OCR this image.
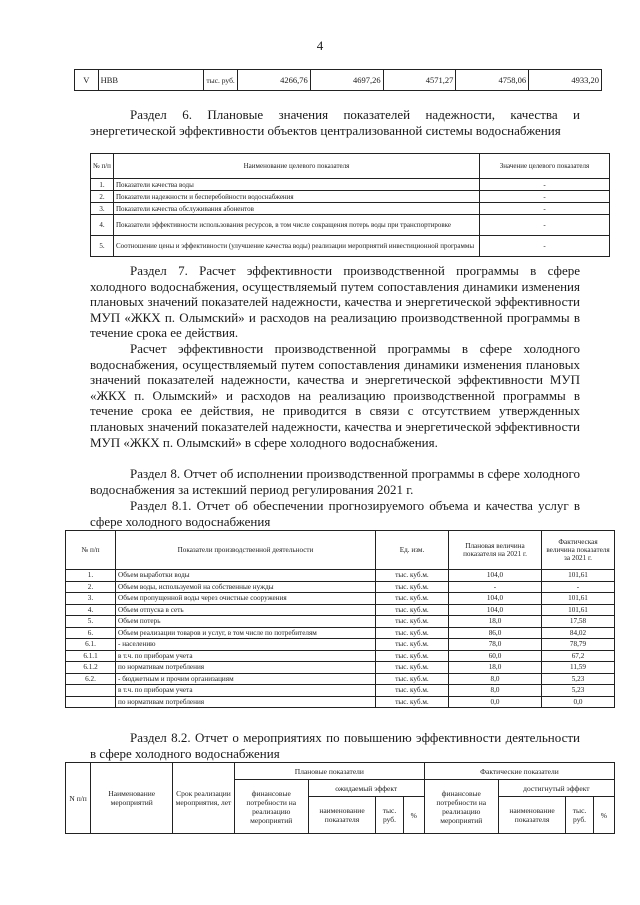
4
V	НВВ	тыс. руб.	4266,76	4697,26	4571,27	4758,06	4933,20

Раздел 6. Плановые значения показателей надежности, качества и энергетической эффективности объектов централизованной системы водоснабжения

№ п/п	Наименование целевого показателя	Значение целевого показателя
1.	Показатели качества воды	-
2.	Показатели надежности и бесперебойности водоснабжения	-
3.	Показатели качества обслуживания абонентов	-
4.	Показатели эффективности использования ресурсов, в том числе сокращения потерь воды при транспортировке	-
5.	Соотношение цены и эффективности (улучшение качества воды) реализации мероприятий инвестиционной программы	-

Раздел 7. Расчет эффективности производственной программы в сфере холодного водоснабжения, осуществляемый путем сопоставления динамики изменения плановых значений показателей надежности, качества и энергетической эффективности МУП «ЖКХ п. Олымский» и расходов на реализацию производственной программы в течение срока ее действия.

Расчет эффективности производственной программы в сфере холодного водоснабжения, осуществляемый путем сопоставления динамики изменения плановых значений показателей надежности, качества и энергетической эффективности МУП «ЖКХ п. Олымский» и расходов на реализацию производственной программы в течение срока ее действия, не приводится в связи с отсутствием утвержденных плановых значений показателей надежности, качества и энергетической эффективности МУП «ЖКХ п. Олымский» в сфере холодного водоснабжения.

Раздел 8. Отчет об исполнении производственной программы в сфере холодного водоснабжения за истекший период регулирования 2021 г.

Раздел 8.1. Отчет об обеспечении прогнозируемого объема и качества услуг в сфере холодного водоснабжения

№ п/п	Показатели производственной деятельности	Ед. изм.	Плановая величина показателя на 2021 г.	Фактическая величина показателя за 2021 г.
1.	Объем выработки воды	тыс. куб.м.	104,0	101,61
2.	Объем воды, используемой на собственные нужды	тыс. куб.м.	-	-
3.	Объем пропущенной воды через очистные сооружения	тыс. куб.м.	104,0	101,61
4.	Объем отпуска в сеть	тыс. куб.м.	104,0	101,61
5.	Объем потерь	тыс. куб.м.	18,0	17,58
6.	Объем реализации товаров и услуг, в том числе по потребителям	тыс. куб.м.	86,0	84,02
6.1.	- населению	тыс. куб.м.	78,0	78,79
6.1.1	в т.ч. по приборам учета	тыс. куб.м.	60,0	67,2
6.1.2	по нормативам потребления	тыс. куб.м.	18,0	11,59
6.2.	- бюджетным и прочим организациям	тыс. куб.м.	8,0	5,23
	в т.ч. по приборам учета	тыс. куб.м.	8,0	5,23
	по нормативам потребления	тыс. куб.м.	0,0	0,0

Раздел 8.2. Отчет о мероприятиях по повышению эффективности деятельности в сфере холодного водоснабжения

N п/п	Наименование мероприятий	Срок реализации мероприятия, лет	Плановые показатели				Фактические показатели			
			финансовые потребности на реализацию мероприятий	ожидаемый эффект			финансовые потребности на реализацию мероприятий	достигнутый эффект		
				наименование показателя	тыс. руб.	%		наименование показателя	тыс. руб.	%
